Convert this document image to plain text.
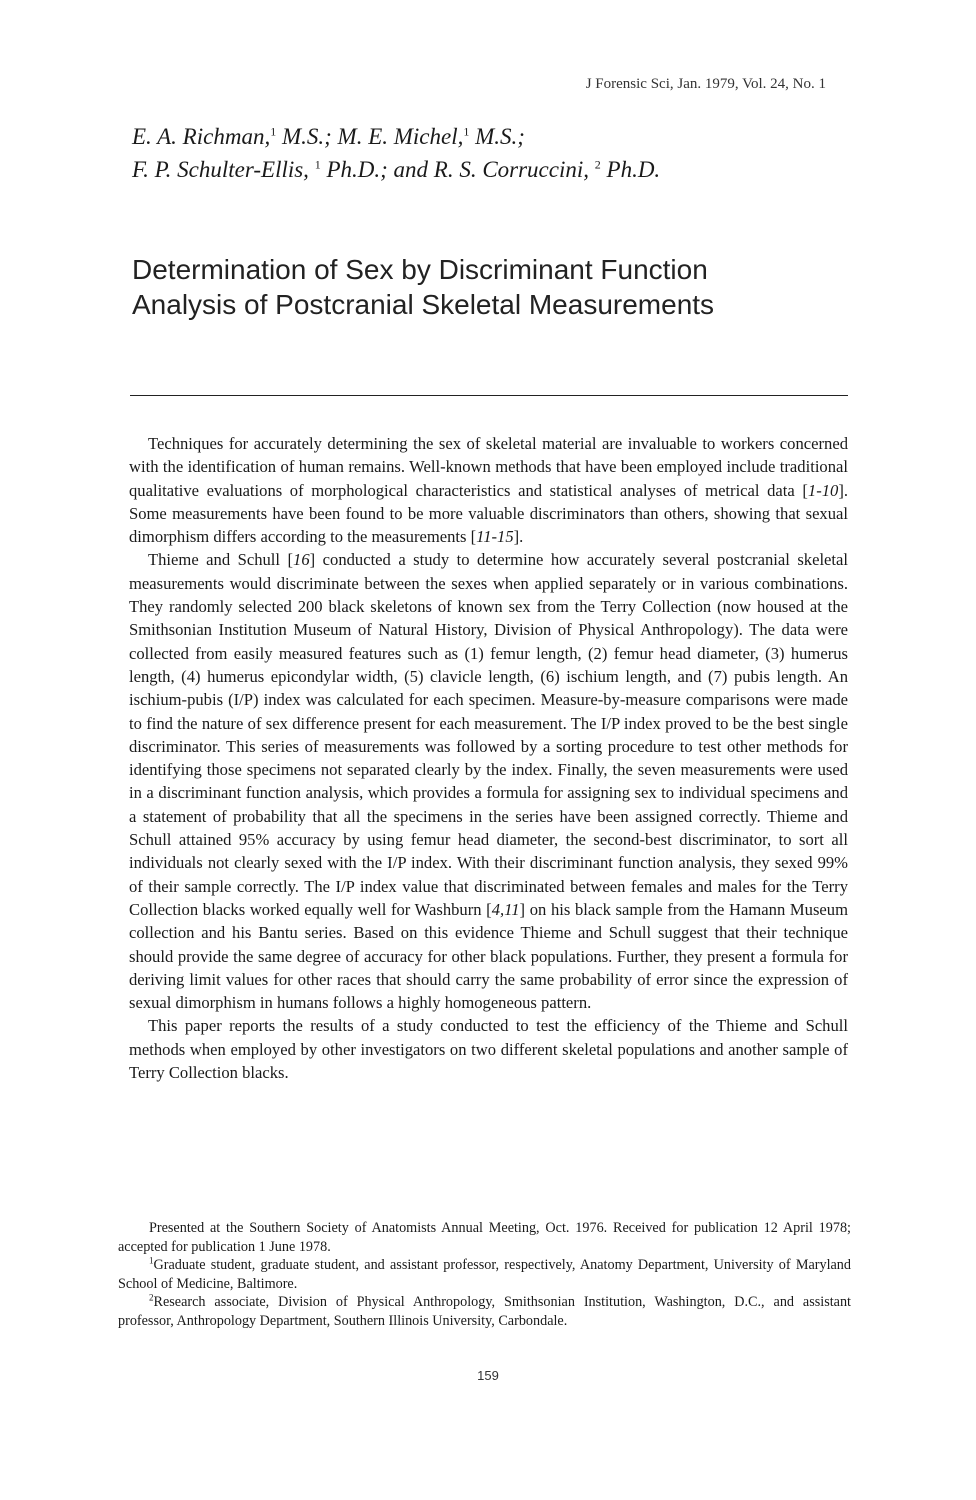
J Forensic Sci, Jan. 1979, Vol. 24, No. 1
E. A. Richman,$^1$ M.S.; M. E. Michel,$^1$ M.S.;
F. P. Schulter-Ellis, $^1$ Ph.D.; and R. S. Corruccini, $^2$ Ph.D.
Determination of Sex by Discriminant Function
Analysis of Postcranial Skeletal Measurements

Techniques for accurately determining the sex of skeletal material are invaluable to workers concerned with the identification of human remains. Well-known methods that have been employed include traditional qualitative evaluations of morphological characteristics and statistical analyses of metrical data [1-10]. Some measurements have been found to be more valuable discriminators than others, showing that sexual dimorphism differs according to the measurements [11-15].

Thieme and Schull [16] conducted a study to determine how accurately several postcranial skeletal measurements would discriminate between the sexes when applied separately or in various combinations. They randomly selected 200 black skeletons of known sex from the Terry Collection (now housed at the Smithsonian Institution Museum of Natural History, Division of Physical Anthropology). The data were collected from easily measured features such as (1) femur length, (2) femur head diameter, (3) humerus length, (4) humerus epicondylar width, (5) clavicle length, (6) ischium length, and (7) pubis length. An ischium-pubis (I/P) index was calculated for each specimen. Measure-by-measure comparisons were made to find the nature of sex difference present for each measurement. The I/P index proved to be the best single discriminator. This series of measurements was followed by a sorting procedure to test other methods for identifying those specimens not separated clearly by the index. Finally, the seven measurements were used in a discriminant function analysis, which provides a formula for assigning sex to individual specimens and a statement of probability that all the specimens in the series have been assigned correctly. Thieme and Schull attained 95% accuracy by using femur head diameter, the second-best discriminator, to sort all individuals not clearly sexed with the I/P index. With their discriminant function analysis, they sexed 99% of their sample correctly. The I/P index value that discriminated between females and males for the Terry Collection blacks worked equally well for Washburn [4,11] on his black sample from the Hamann Museum collection and his Bantu series. Based on this evidence Thieme and Schull suggest that their technique should provide the same degree of accuracy for other black populations. Further, they present a formula for deriving limit values for other races that should carry the same probability of error since the expression of sexual dimorphism in humans follows a highly homogeneous pattern.

This paper reports the results of a study conducted to test the efficiency of the Thieme and Schull methods when employed by other investigators on two different skeletal populations and another sample of Terry Collection blacks.

Presented at the Southern Society of Anatomists Annual Meeting, Oct. 1976. Received for publication 12 April 1978; accepted for publication 1 June 1978.

$^1$Graduate student, graduate student, and assistant professor, respectively, Anatomy Department, University of Maryland School of Medicine, Baltimore.

$^2$Research associate, Division of Physical Anthropology, Smithsonian Institution, Washington, D.C., and assistant professor, Anthropology Department, Southern Illinois University, Carbondale.

159
